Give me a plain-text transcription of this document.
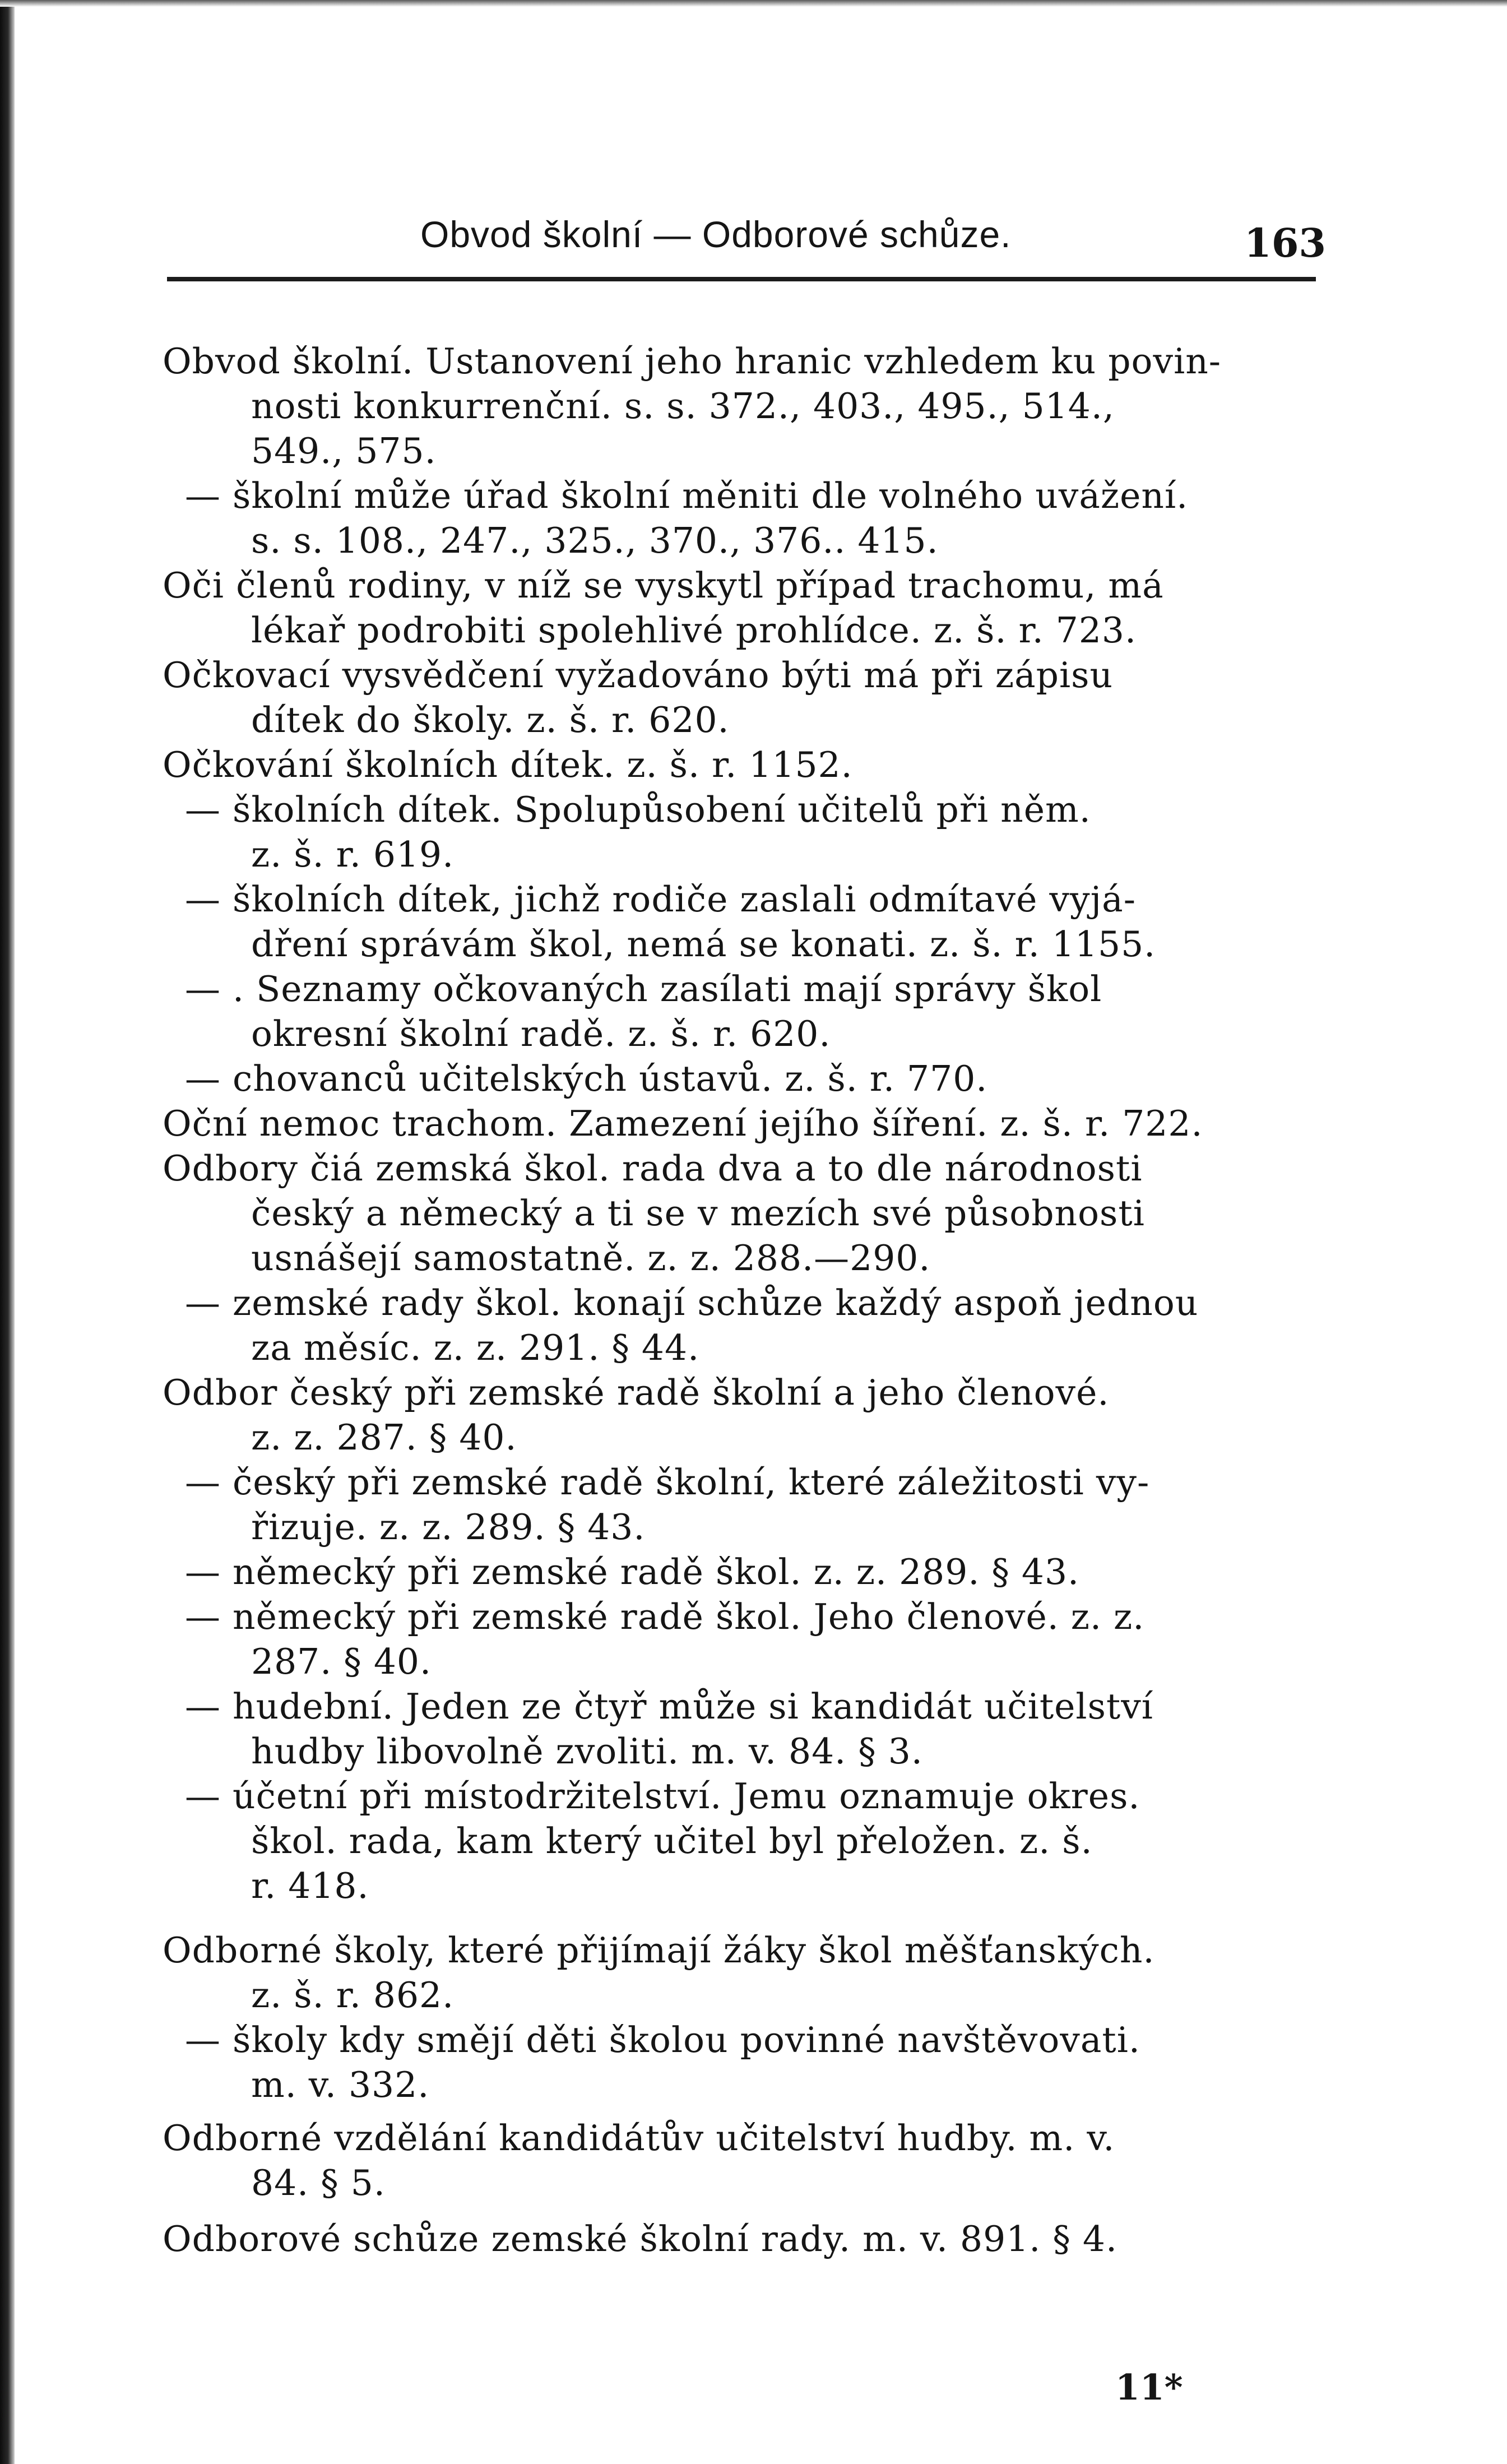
Obvod školní — Odborové schůze.	163
Obvod školní. Ustanovení jeho hranic vzhledem ku povin-
nosti konkurrenční. s. s. 372., 403., 495., 514.,
549., 575.
— školní může úřad školní měniti dle volného uvážení.
s. s. 108., 247., 325., 370., 376.. 415.
Oči členů rodiny, v níž se vyskytl případ trachomu, má
lékař podrobiti spolehlivé prohlídce. z. š. r. 723.
Očkovací vysvědčení vyžadováno býti má při zápisu
dítek do školy. z. š. r. 620.
Očkování školních dítek. z. š. r. 1152.
— školních dítek. Spolupůsobení učitelů při něm.
z. š. r. 619.
— školních dítek, jichž rodiče zaslali odmítavé vyjá-
dření správám škol, nemá se konati. z. š. r. 1155.
— . Seznamy očkovaných zasílati mají správy škol
okresní školní radě. z. š. r. 620.
— chovanců učitelských ústavů. z. š. r. 770.
Oční nemoc trachom. Zamezení jejího šíření. z. š. r. 722.
Odbory čiá zemská škol. rada dva a to dle národnosti
český a německý a ti se v mezích své působnosti
usnášejí samostatně. z. z. 288.—290.
— zemské rady škol. konají schůze každý aspoň jednou
za měsíc. z. z. 291. § 44.
Odbor český při zemské radě školní a jeho členové.
z. z. 287. § 40.
— český při zemské radě školní, které záležitosti vy-
řizuje. z. z. 289. § 43.
— německý při zemské radě škol. z. z. 289. § 43.
— německý při zemské radě škol. Jeho členové. z. z.
287. § 40.
— hudební. Jeden ze čtyř může si kandidát učitelství
hudby libovolně zvoliti. m. v. 84. § 3.
— účetní při místodržitelství. Jemu oznamuje okres.
škol. rada, kam který učitel byl přeložen. z. š.
r. 418.
Odborné školy, které přijímají žáky škol měšťanských.
z. š. r. 862.
— školy kdy smějí děti školou povinné navštěvovati.
m. v. 332.
Odborné vzdělání kandidátův učitelství hudby. m. v.
84. § 5.
Odborové schůze zemské školní rady. m. v. 891. § 4.
11*
